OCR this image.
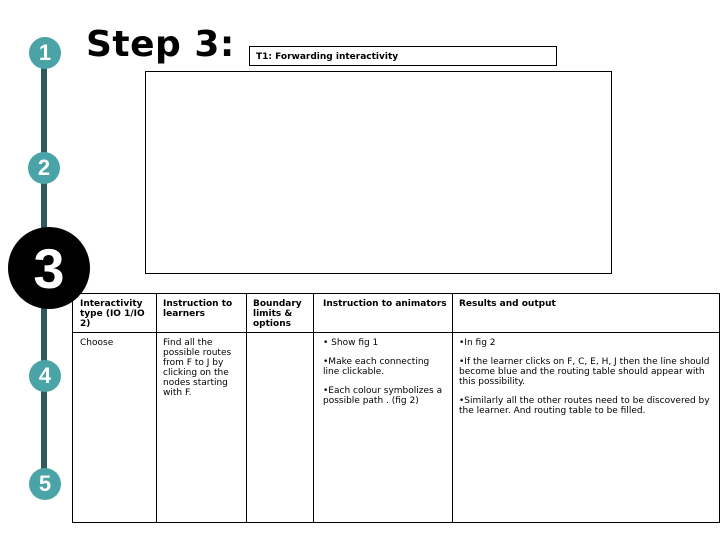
1
2
3
4
5
Step 3:	T1: Forwarding interactivity
Interactivity type (IO 1/IO 2)
Instruction to learners
Boundary limits & options
Instruction to animators Results and output
Choose	Find all the possible routes from F to J by clicking on the nodes starting with F.

• Show fig 1

•Make each connecting line clickable.

•Each colour symbolizes a possible path . (fig 2)

•In fig 2

•If the learner clicks on F, C, E, H, J then the line should become blue and the routing table should appear with this possibility.

•Similarly all the other routes need to be discovered by the learner. And routing table to be filled.
